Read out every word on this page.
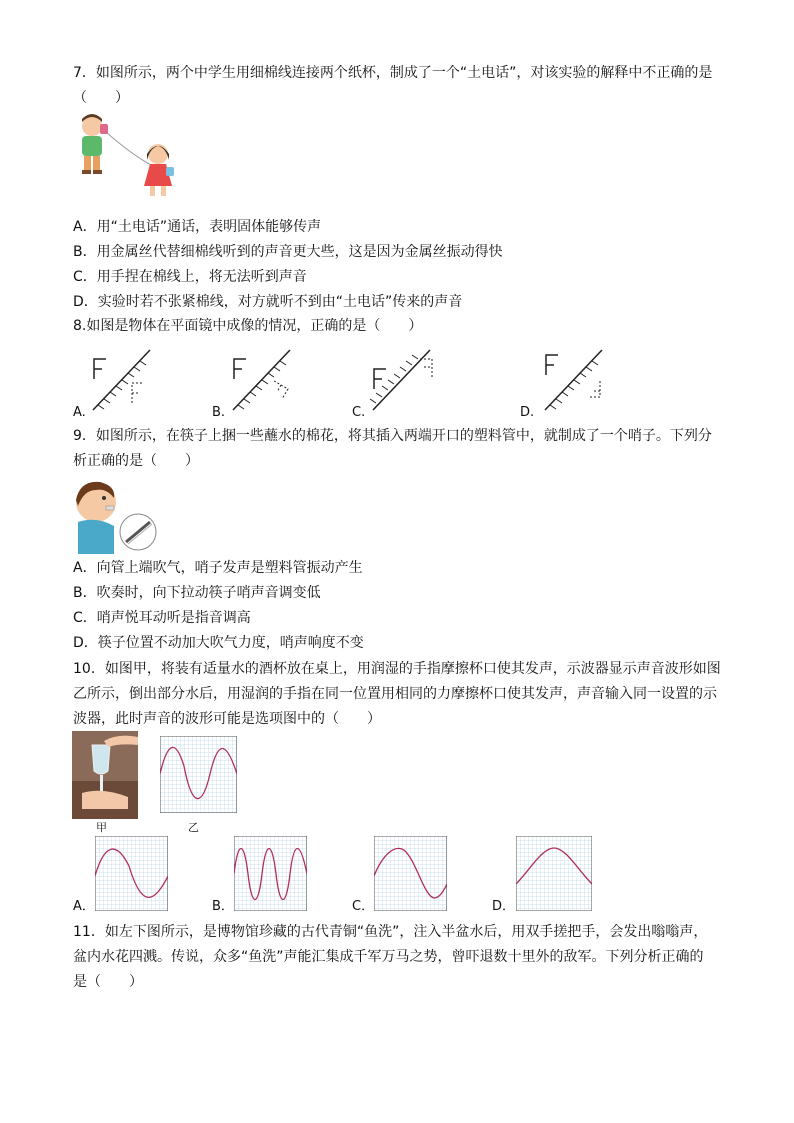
7．如图所示，两个中学生用细棉线连接两个纸杯，制成了一个“土电话”，对该实验的解释中不正确的是
（　　）
A．用“土电话”通话，表明固体能够传声
B．用金属丝代替细棉线听到的声音更大些，这是因为金属丝振动得快
C．用手捏在棉线上，将无法听到声音
D．实验时若不张紧棉线，对方就听不到由“土电话”传来的声音
8.如图是物体在平面镜中成像的情况，正确的是（　　）
A.	B.	C.	D.
9．如图所示，在筷子上捆一些蘸水的棉花，将其插入两端开口的塑料管中，就制成了一个哨子。下列分
析正确的是（　　）
A．向管上端吹气，哨子发声是塑料管振动产生
B．吹奏时，向下拉动筷子哨声音调变低
C．哨声悦耳动听是指音调高
D．筷子位置不动加大吹气力度，哨声响度不变
10．如图甲，将装有适量水的酒杯放在桌上，用润湿的手指摩擦杯口使其发声，示波器显示声音波形如图
乙所示，倒出部分水后，用湿润的手指在同一位置用相同的力摩擦杯口使其发声，声音输入同一设置的示
波器，此时声音的波形可能是选项图中的（　　）
甲	乙
A．	B．	C．	D．
11．如左下图所示，是博物馆珍藏的古代青铜“鱼洗”，注入半盆水后，用双手搓把手，会发出嗡嗡声，
盆内水花四溅。传说，众多“鱼洗”声能汇集成千军万马之势，曾吓退数十里外的敌军。下列分析正确的
是（　　）
